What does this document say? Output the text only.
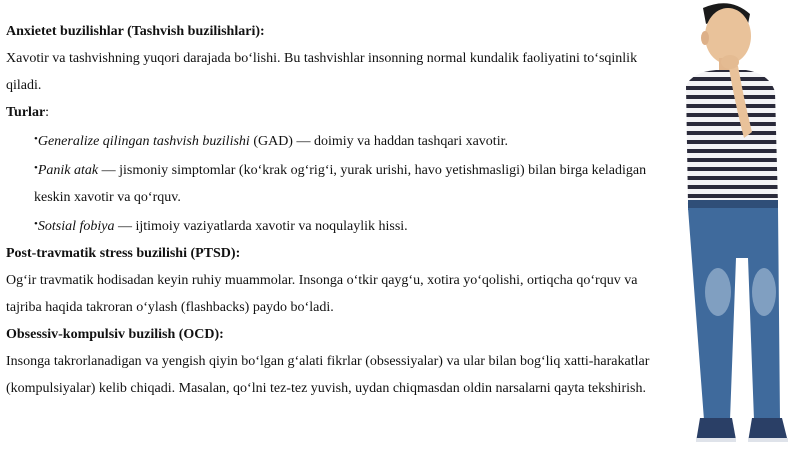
Anxietet buzilishlar (Tashvish buzilishlari):

Xavotir va tashvishning yuqori darajada bo‘lishi. Bu tashvishlar insonning normal kundalik faoliyatini to‘sqinlik qiladi.

Turlar:

•Generalize qilingan tashvish buzilishi (GAD) — doimiy va haddan tashqari xavotir.

•Panik atak — jismoniy simptomlar (ko‘krak og‘rig‘i, yurak urishi, havo yetishmasligi) bilan birga keladigan keskin xavotir va qo‘rquv.

•Sotsial fobiya — ijtimoiy vaziyatlarda xavotir va noqulaylik hissi.

Post-travmatik stress buzilishi (PTSD):

Og‘ir travmatik hodisadan keyin ruhiy muammolar. Insonga o‘tkir qayg‘u, xotira yo‘qolishi, ortiqcha qo‘rquv va tajriba haqida takroran o‘ylash (flashbacks) paydo bo‘ladi.

Obsessiv-kompulsiv buzilish (OCD):

Insonga takrorlanadigan va yengish qiyin bo‘lgan g‘alati fikrlar (obsessiyalar) va ular bilan bog‘liq xatti-harakatlar (kompulsiyalar) kelib chiqadi. Masalan, qo‘lni tez-tez yuvish, uydan chiqmasdan oldin narsalarni qayta tekshirish.
